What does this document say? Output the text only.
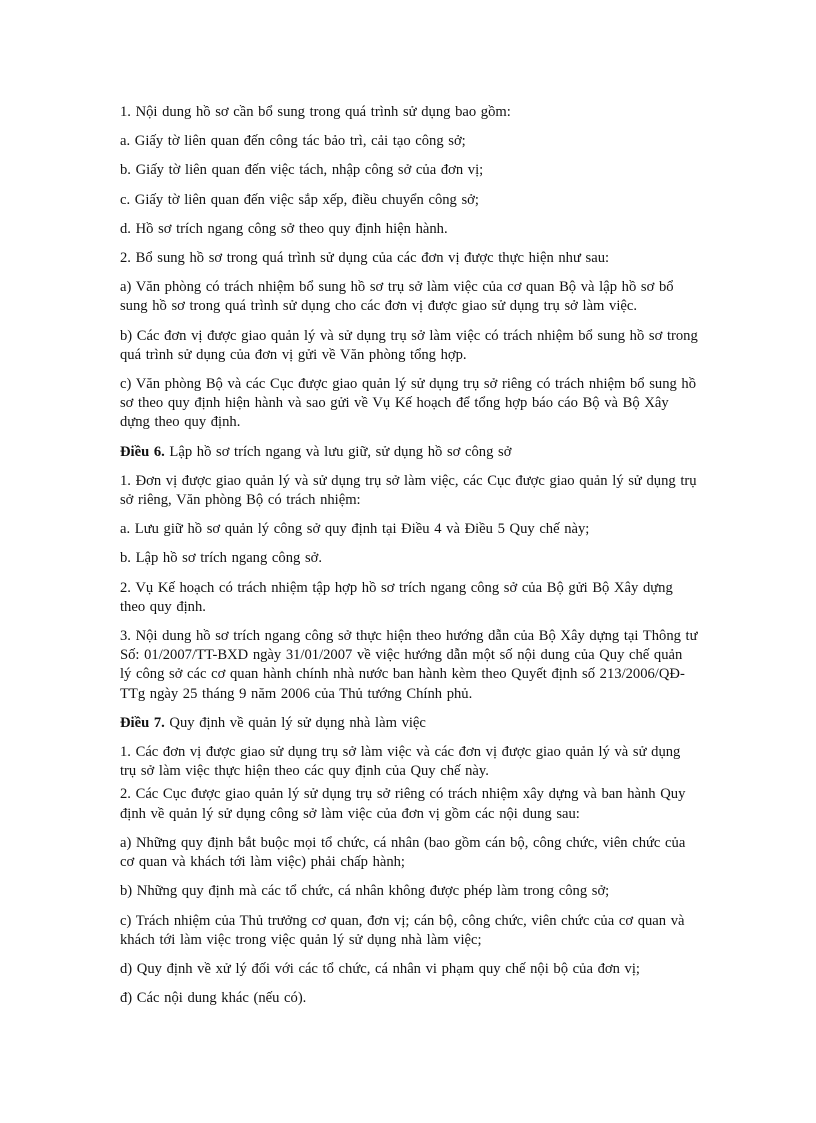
1. Nội dung hồ sơ cần bổ sung trong quá trình sử dụng bao gồm:

a. Giấy tờ liên quan đến công tác bảo trì, cải tạo công sở;

b. Giấy tờ liên quan đến việc tách, nhập công sở của đơn vị;

c. Giấy tờ liên quan đến việc sắp xếp, điều chuyển công sở;

d. Hồ sơ trích ngang công sở theo quy định hiện hành.

2. Bổ sung hồ sơ trong quá trình sử dụng của các đơn vị được thực hiện như sau:

a) Văn phòng có trách nhiệm bổ sung hồ sơ trụ sở làm việc của cơ quan Bộ và lập hồ sơ bổ sung hồ sơ trong quá trình sử dụng cho các đơn vị được giao sử dụng trụ sở làm việc.

b) Các đơn vị được giao quản lý và sử dụng trụ sở làm việc có trách nhiệm bổ sung hồ sơ trong quá trình sử dụng của đơn vị gửi về Văn phòng tổng hợp.

c) Văn phòng Bộ và các Cục được giao quản lý sử dụng trụ sở riêng có trách nhiệm bổ sung hồ sơ theo quy định hiện hành và sao gửi về Vụ Kế hoạch để tổng hợp báo cáo Bộ và Bộ Xây dựng theo quy định.

Điều 6. Lập hồ sơ trích ngang và lưu giữ, sử dụng hồ sơ công sở

1. Đơn vị được giao quản lý và sử dụng trụ sở làm việc, các Cục được giao quản lý sử dụng trụ sở riêng, Văn phòng Bộ có trách nhiệm:

a. Lưu giữ hồ sơ quản lý công sở quy định tại Điều 4 và Điều 5 Quy chế này;

b. Lập hồ sơ trích ngang công sở.

2. Vụ Kế hoạch có trách nhiệm tập hợp hồ sơ trích ngang công sở của Bộ gửi Bộ Xây dựng theo quy định.

3. Nội dung hồ sơ trích ngang công sở thực hiện theo hướng dẫn của Bộ Xây dựng tại Thông tư Số: 01/2007/TT-BXD ngày 31/01/2007 về việc hướng dẫn một số nội dung của Quy chế quản lý công sở các cơ quan hành chính nhà nước ban hành kèm theo Quyết định số 213/2006/QĐ-TTg ngày 25 tháng 9 năm 2006 của Thủ tướng Chính phủ.

Điều 7. Quy định về quản lý sử dụng nhà làm việc

1. Các đơn vị được giao sử dụng trụ sở làm việc và các đơn vị được giao quản lý và sử dụng trụ sở làm việc thực hiện theo các quy định của Quy chế này.

2. Các Cục được giao quản lý sử dụng trụ sở riêng có trách nhiệm xây dựng và ban hành Quy định về quản lý sử dụng công sở làm việc của đơn vị gồm các nội dung sau:

a) Những quy định bắt buộc mọi tổ chức, cá nhân (bao gồm cán bộ, công chức, viên chức của cơ quan và khách tới làm việc) phải chấp hành;

b) Những quy định mà các tổ chức, cá nhân không được phép làm trong công sở;

c) Trách nhiệm của Thủ trưởng cơ quan, đơn vị; cán bộ, công chức, viên chức của cơ quan và khách tới làm việc trong việc quản lý sử dụng nhà làm việc;

d) Quy định về xử lý đối với các tổ chức, cá nhân vi phạm quy chế nội bộ của đơn vị;

đ) Các nội dung khác (nếu có).
